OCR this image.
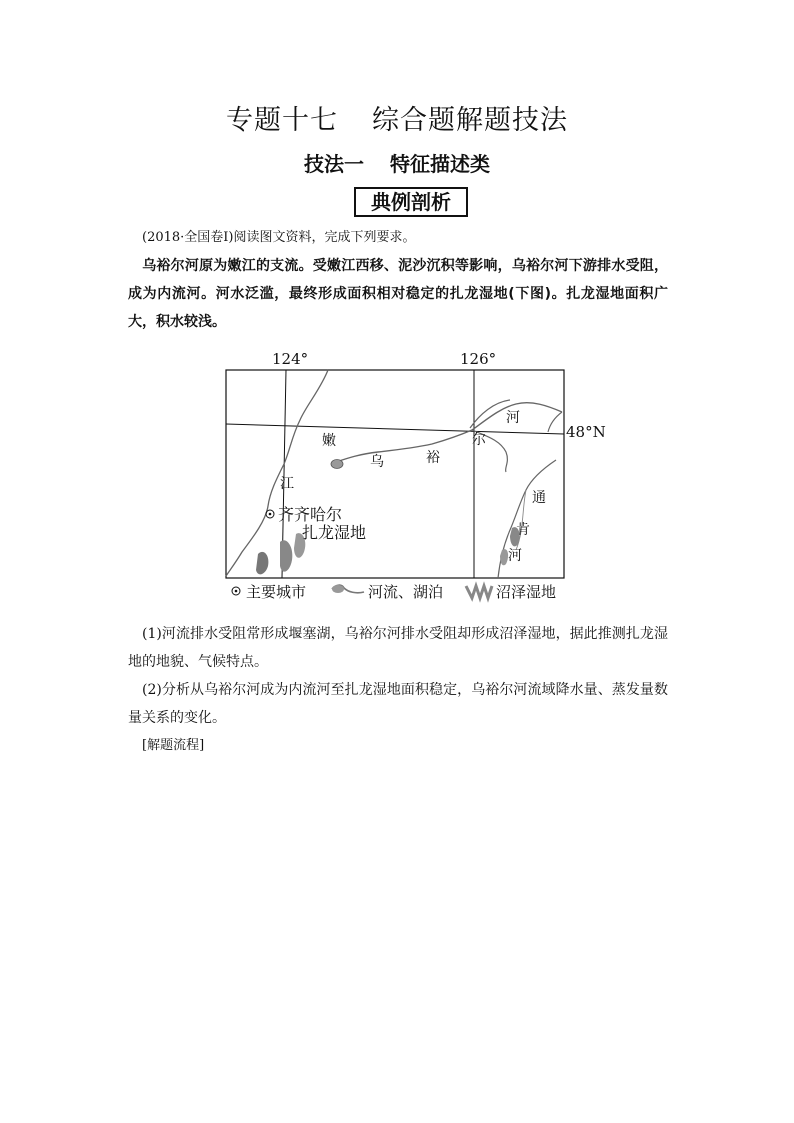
专题十七 综合题解题技法
技法一 特征描述类
典例剖析
(2018·全国卷Ⅰ)阅读图文资料，完成下列要求。
乌裕尔河原为嫩江的支流。受嫩江西移、泥沙沉积等影响，乌裕尔河下游排水受阻，成为内流河。河水泛滥，最终形成面积相对稳定的扎龙湿地(下图)。扎龙湿地面积广大，积水较浅。
124°	126°
48°N
嫩
江
乌	裕
尔
河
通
肯
河
齐齐哈尔
扎龙湿地
主要城市	河流、湖泊	沼泽湿地
(1)河流排水受阻常形成堰塞湖，乌裕尔河排水受阻却形成沼泽湿地，据此推测扎龙湿地的地貌、气候特点。
(2)分析从乌裕尔河成为内流河至扎龙湿地面积稳定，乌裕尔河流域降水量、蒸发量数量关系的变化。
[解题流程]
